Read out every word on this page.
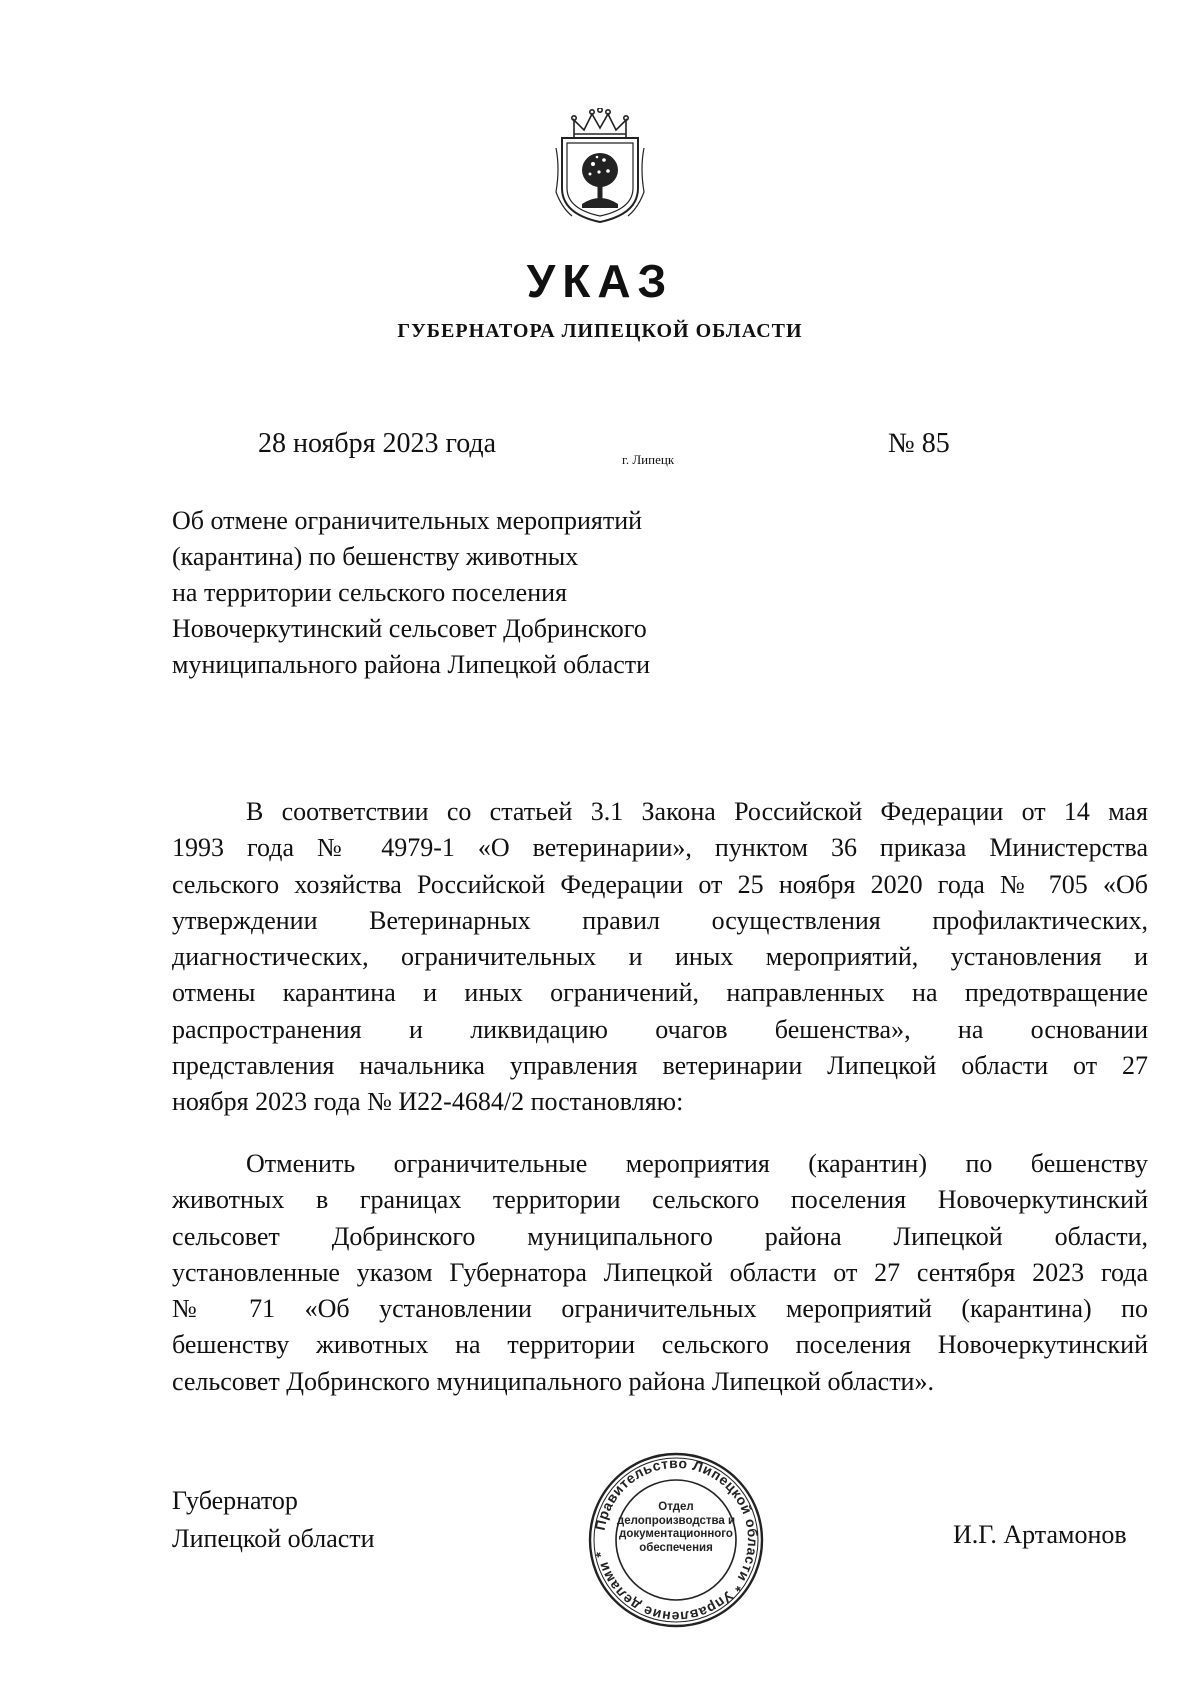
УКАЗ
ГУБЕРНАТОРА ЛИПЕЦКОЙ ОБЛАСТИ
28 ноября 2023 года
г. Липецк
№ 85
Об отмене ограничительных мероприятий
(карантина) по бешенству животных
на территории сельского поселения
Новочеркутинский сельсовет Добринского
муниципального района Липецкой области
В соответствии со статьей 3.1 Закона Российской Федерации от 14 мая
1993 года № 4979-1 «О ветеринарии», пунктом 36 приказа Министерства
сельского хозяйства Российской Федерации от 25 ноября 2020 года № 705 «Об
утверждении Ветеринарных правил осуществления профилактических,
диагностических, ограничительных и иных мероприятий, установления и
отмены карантина и иных ограничений, направленных на предотвращение
распространения и ликвидацию очагов бешенства», на основании
представления начальника управления ветеринарии Липецкой области от 27
ноября 2023 года № И22-4684/2 постановляю:
Отменить ограничительные мероприятия (карантин) по бешенству
животных в границах территории сельского поселения Новочеркутинский
сельсовет Добринского муниципального района Липецкой области,
установленные указом Губернатора Липецкой области от 27 сентября 2023 года
№ 71 «Об установлении ограничительных мероприятий (карантина) по
бешенству животных на территории сельского поселения Новочеркутинский
сельсовет Добринского муниципального района Липецкой области».
Губернатор
Липецкой области	И.Г. Артамонов
Правительство Липецкой области * Управление делами *
Отдел
делопроизводства и
документационного
обеспечения
